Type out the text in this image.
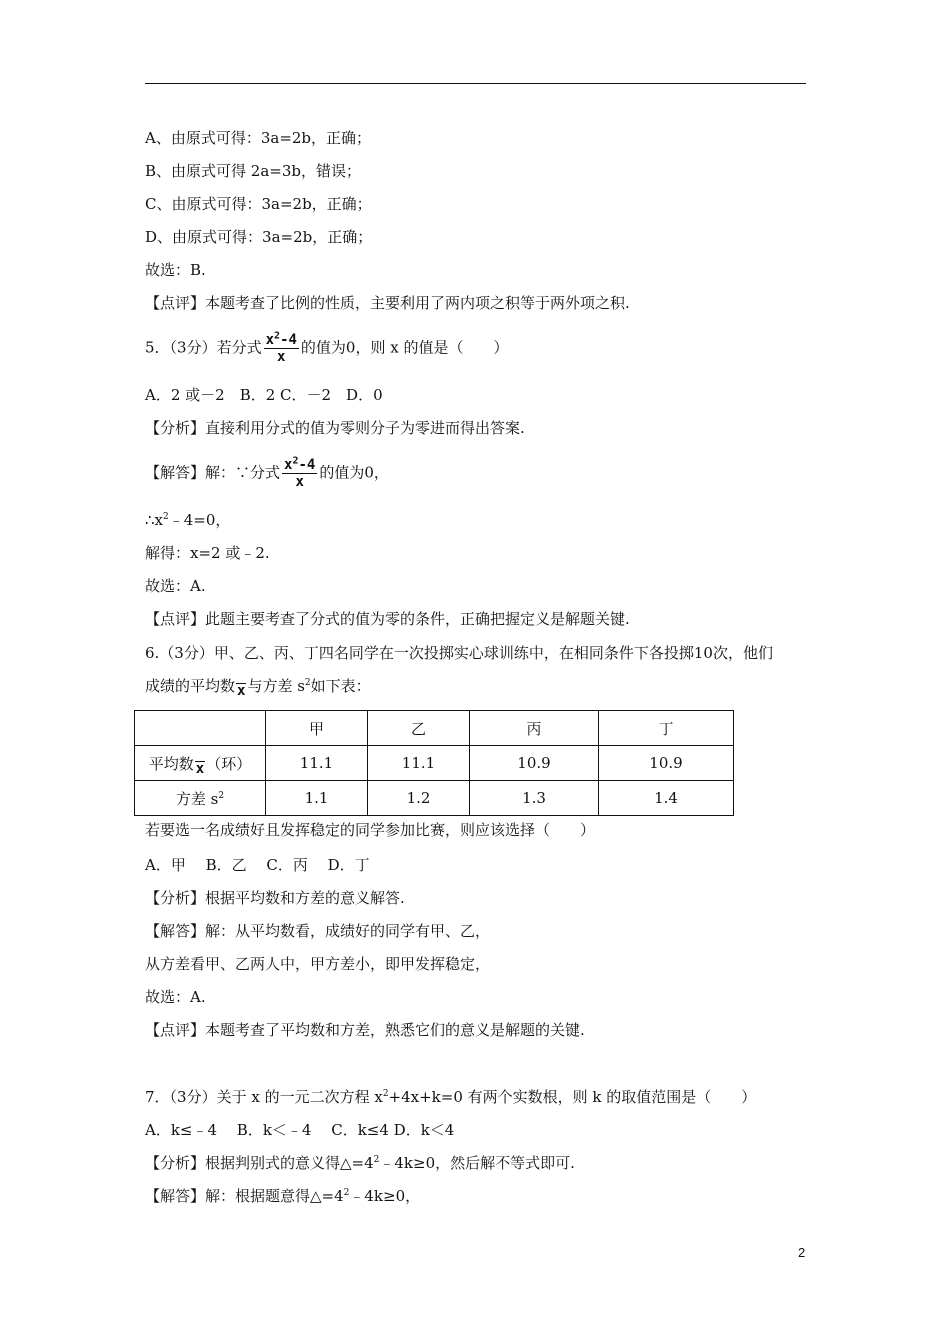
A、由原式可得：3a=2b，正确；
B、由原式可得 2a=3b，错误；
C、由原式可得：3a=2b，正确；
D、由原式可得：3a=2b，正确；
故选：B.
【点评】本题考查了比例的性质，主要利用了两内项之积等于两外项之积.
5．（3分）若分式 $\frac{x^2-4}{x}$ 的值为0，则 x 的值是（　　）
A．2 或－2　B．2 C．－2　D．0
【分析】直接利用分式的值为零则分子为零进而得出答案.
【解答】解：∵分式 $\frac{x^2-4}{x}$ 的值为0，
$\therefore x^2﹣4=0$，
解得：x=2 或﹣2.
故选：A.
【点评】此题主要考查了分式的值为零的条件，正确把握定义是解题关键.
6.（3分）甲、乙、丙、丁四名同学在一次投掷实心球训练中，在相同条件下各投掷10次，他们
成绩的平均数 x 与方差 $s^2$如下表：
	甲	乙	丙	丁
平均数 x （环）	11.1	11.1	10.9	10.9
方差 $s^2$	1.1	1.2	1.3	1.4
若要选一名成绩好且发挥稳定的同学参加比赛，则应该选择（　　）
A．甲　 B．乙　 C．丙　 D．丁
【分析】根据平均数和方差的意义解答.
【解答】解：从平均数看，成绩好的同学有甲、乙，
从方差看甲、乙两人中，甲方差小，即甲发挥稳定，
故选：A.
【点评】本题考查了平均数和方差，熟悉它们的意义是解题的关键.
7．（3分）关于 x 的一元二次方程 $x^2+4x+k=0$ 有两个实数根，则 k 的取值范围是（　　）
A．k≤﹣4　 B．k＜﹣4　 C．k≤4 D．k＜4
【分析】根据判别式的意义得$\triangle=4^2﹣4k\ge 0$，然后解不等式即可.
【解答】解：根据题意得$\triangle=4^2﹣4k\ge 0$，
2
